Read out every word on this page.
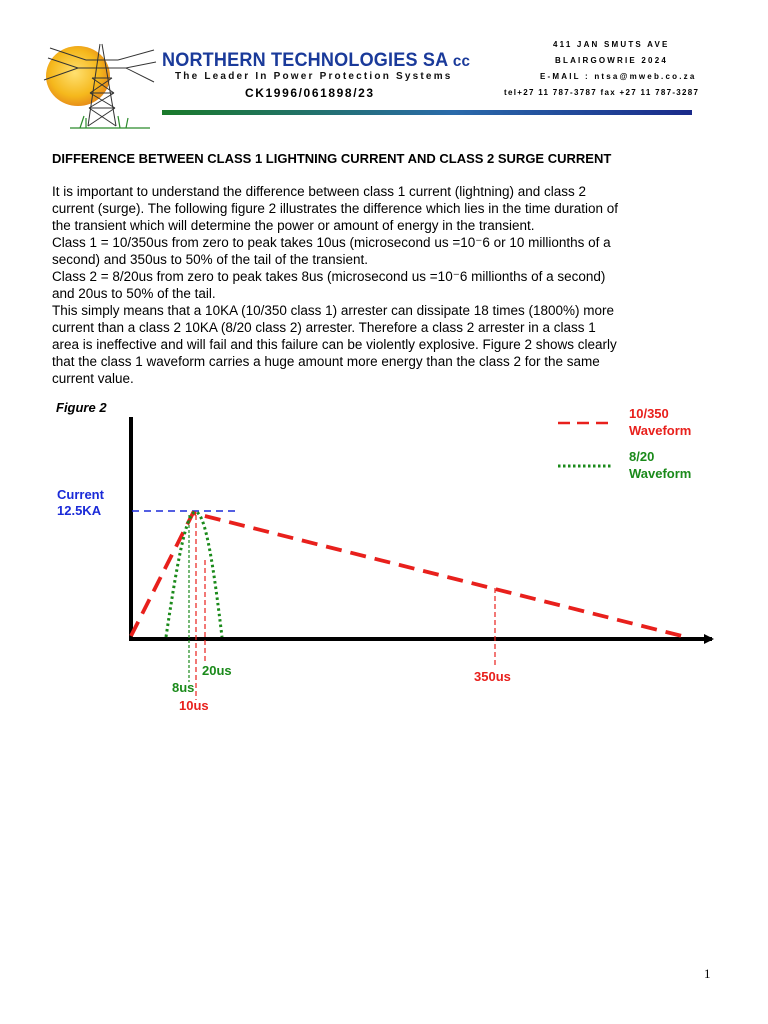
NORTHERN TECHNOLOGIES SA cc
The Leader In Power Protection Systems
CK1996/061898/23
411 JAN SMUTS AVE
BLAIRGOWRIE 2024
E-MAIL : ntsa@mweb.co.za
tel+27 11 787-3787 fax +27 11 787-3287
DIFFERENCE BETWEEN CLASS 1 LIGHTNING CURRENT AND CLASS 2 SURGE CURRENT
It is important to understand the difference between class 1 current (lightning) and class 2
current (surge). The following figure 2 illustrates the difference which lies in the time duration of
the transient which will determine the power or amount of energy in the transient.
Class 1 = 10/350us from zero to peak takes 10us (microsecond us =10⁻6 or 10 millionths of a
second) and 350us to 50% of the tail of the transient.
Class 2 = 8/20us from zero to peak takes 8us (microsecond us =10⁻6 millionths of a second)
and 20us to 50% of the tail.
This simply means that a 10KA (10/350 class 1) arrester can dissipate 18 times (1800%) more
current than a class 2 10KA (8/20 class 2) arrester. Therefore a class 2 arrester in a class 1
area is ineffective and will fail and this failure can be violently explosive. Figure 2 shows clearly
that the class 1 waveform carries a huge amount more energy than the class 2 for the same
current value.
Figure 2
Current
12.5KA
8us
10us
20us	350us
10/350
Waveform
8/20
Waveform
1
